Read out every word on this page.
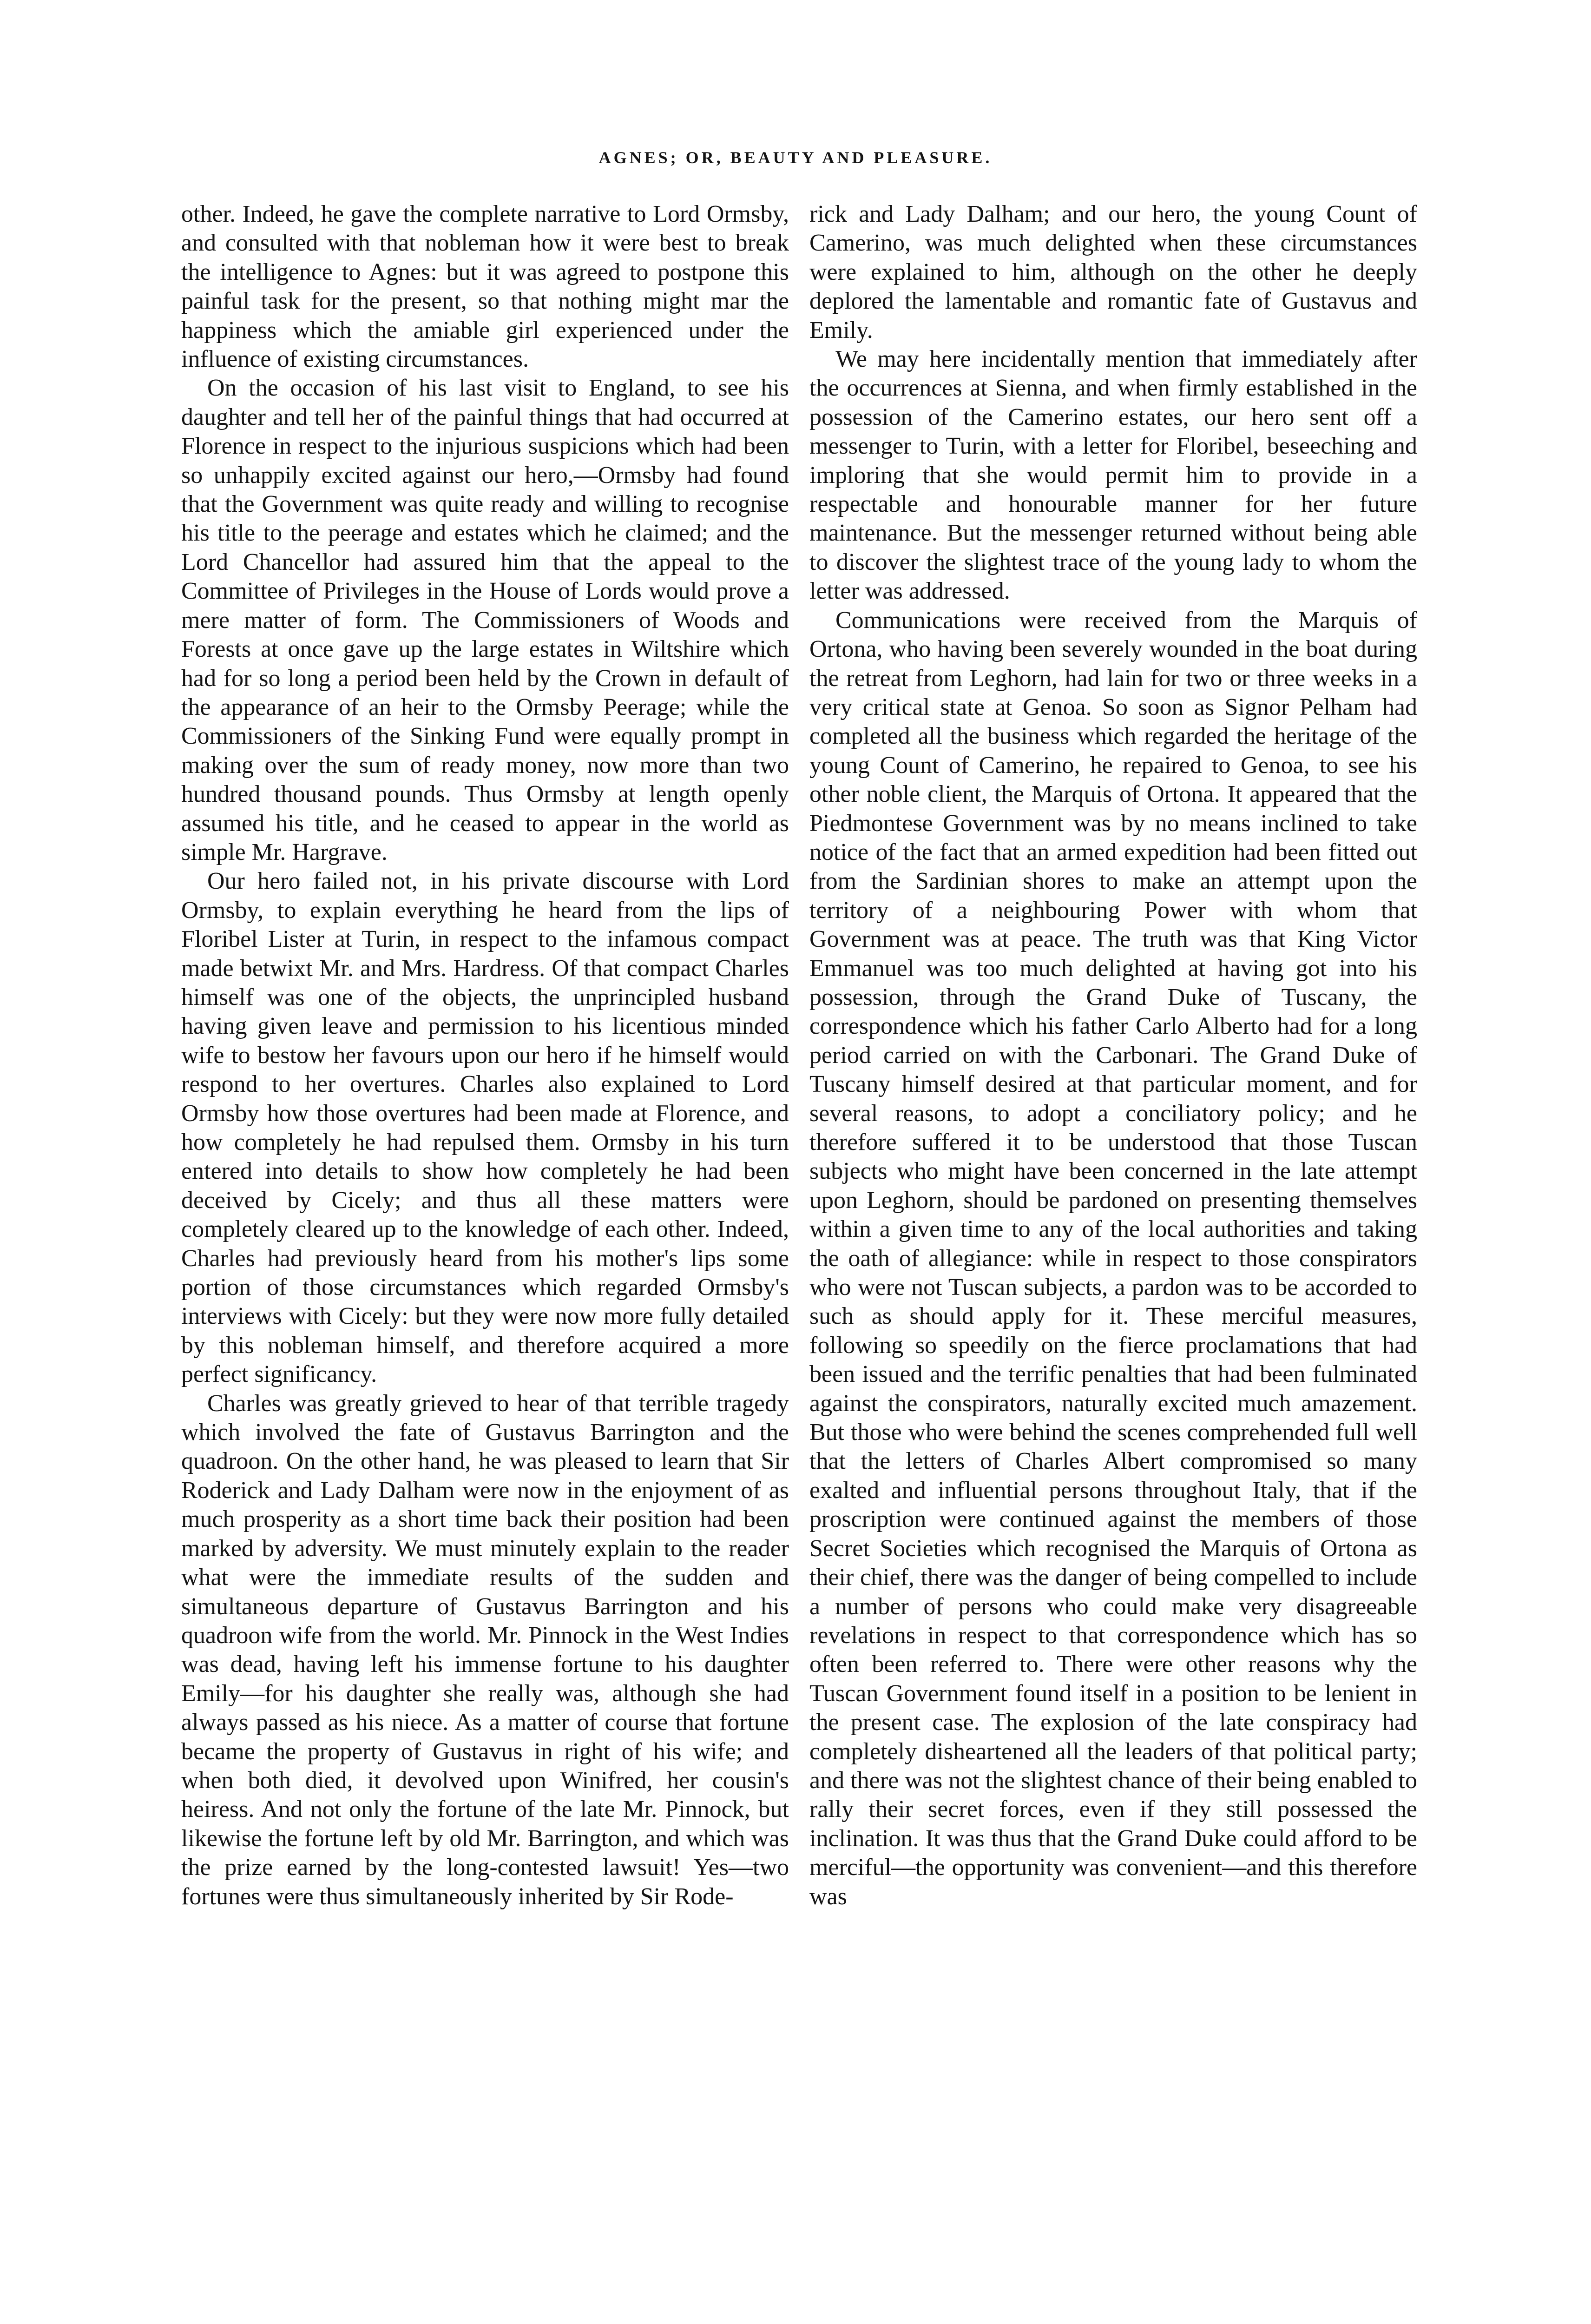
AGNES; OR, BEAUTY AND PLEASURE.

other. Indeed, he gave the complete narrative to Lord Ormsby, and consulted with that nobleman how it were best to break the intelligence to Agnes: but it was agreed to postpone this painful task for the present, so that nothing might mar the happiness which the amiable girl experienced under the influence of existing circumstances.

On the occasion of his last visit to England, to see his daughter and tell her of the painful things that had occurred at Florence in respect to the injurious suspicions which had been so unhappily excited against our hero,—Ormsby had found that the Government was quite ready and willing to recognise his title to the peerage and estates which he claimed; and the Lord Chancellor had assured him that the appeal to the Committee of Privileges in the House of Lords would prove a mere matter of form. The Commissioners of Woods and Forests at once gave up the large estates in Wiltshire which had for so long a period been held by the Crown in default of the appearance of an heir to the Ormsby Peerage; while the Commissioners of the Sinking Fund were equally prompt in making over the sum of ready money, now more than two hundred thousand pounds. Thus Ormsby at length openly assumed his title, and he ceased to appear in the world as simple Mr. Hargrave.

Our hero failed not, in his private discourse with Lord Ormsby, to explain everything he heard from the lips of Floribel Lister at Turin, in respect to the infamous compact made betwixt Mr. and Mrs. Hardress. Of that compact Charles himself was one of the objects, the unprincipled husband having given leave and permission to his licentious minded wife to bestow her favours upon our hero if he himself would respond to her overtures. Charles also explained to Lord Ormsby how those overtures had been made at Florence, and how completely he had repulsed them. Ormsby in his turn entered into details to show how completely he had been deceived by Cicely; and thus all these matters were completely cleared up to the knowledge of each other. Indeed, Charles had previously heard from his mother's lips some portion of those circumstances which regarded Ormsby's interviews with Cicely: but they were now more fully detailed by this nobleman himself, and therefore acquired a more perfect significancy.

Charles was greatly grieved to hear of that terrible tragedy which involved the fate of Gustavus Barrington and the quadroon. On the other hand, he was pleased to learn that Sir Roderick and Lady Dalham were now in the enjoyment of as much prosperity as a short time back their position had been marked by adversity. We must minutely explain to the reader what were the immediate results of the sudden and simultaneous departure of Gustavus Barrington and his quadroon wife from the world. Mr. Pinnock in the West Indies was dead, having left his immense fortune to his daughter Emily—for his daughter she really was, although she had always passed as his niece. As a matter of course that fortune became the property of Gustavus in right of his wife; and when both died, it devolved upon Winifred, her cousin's heiress. And not only the fortune of the late Mr. Pinnock, but likewise the fortune left by old Mr. Barrington, and which was the prize earned by the long-contested lawsuit! Yes—two fortunes were thus simultaneously inherited by Sir Rode-

rick and Lady Dalham; and our hero, the young Count of Camerino, was much delighted when these circumstances were explained to him, although on the other he deeply deplored the lamentable and romantic fate of Gustavus and Emily.

We may here incidentally mention that immediately after the occurrences at Sienna, and when firmly established in the possession of the Camerino estates, our hero sent off a messenger to Turin, with a letter for Floribel, beseeching and imploring that she would permit him to provide in a respectable and honourable manner for her future maintenance. But the messenger returned without being able to discover the slightest trace of the young lady to whom the letter was addressed.

Communications were received from the Marquis of Ortona, who having been severely wounded in the boat during the retreat from Leghorn, had lain for two or three weeks in a very critical state at Genoa. So soon as Signor Pelham had completed all the business which regarded the heritage of the young Count of Camerino, he repaired to Genoa, to see his other noble client, the Marquis of Ortona. It appeared that the Piedmontese Government was by no means inclined to take notice of the fact that an armed expedition had been fitted out from the Sardinian shores to make an attempt upon the territory of a neighbouring Power with whom that Government was at peace. The truth was that King Victor Emmanuel was too much delighted at having got into his possession, through the Grand Duke of Tuscany, the correspondence which his father Carlo Alberto had for a long period carried on with the Carbonari. The Grand Duke of Tuscany himself desired at that particular moment, and for several reasons, to adopt a conciliatory policy; and he therefore suffered it to be understood that those Tuscan subjects who might have been concerned in the late attempt upon Leghorn, should be pardoned on presenting themselves within a given time to any of the local authorities and taking the oath of allegiance: while in respect to those conspirators who were not Tuscan subjects, a pardon was to be accorded to such as should apply for it. These merciful measures, following so speedily on the fierce proclamations that had been issued and the terrific penalties that had been fulminated against the conspirators, naturally excited much amazement. But those who were behind the scenes comprehended full well that the letters of Charles Albert compromised so many exalted and influential persons throughout Italy, that if the proscription were continued against the members of those Secret Societies which recognised the Marquis of Ortona as their chief, there was the danger of being compelled to include a number of persons who could make very disagreeable revelations in respect to that correspondence which has so often been referred to. There were other reasons why the Tuscan Government found itself in a position to be lenient in the present case. The explosion of the late conspiracy had completely disheartened all the leaders of that political party; and there was not the slightest chance of their being enabled to rally their secret forces, even if they still possessed the inclination. It was thus that the Grand Duke could afford to be merciful—the opportunity was convenient—and this therefore was
